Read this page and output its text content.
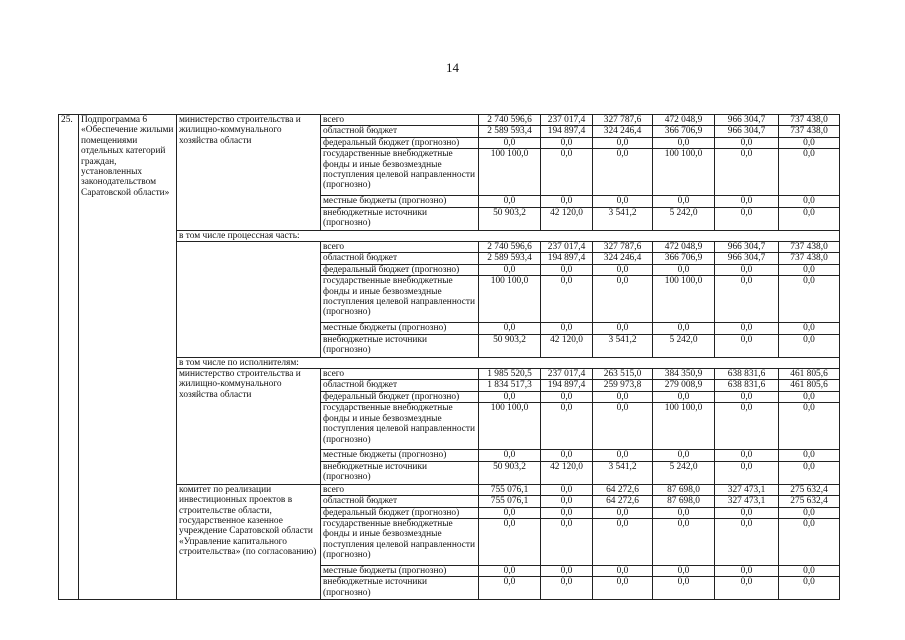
14
25.	Подпрограмма 6 «Обеспечение жилыми помещениями отдельных категорий граждан, установленных законодательством Саратовской области»	министерство строительства и жилищно-коммунального хозяйства области	всего	2 740 596,6	237 017,4	327 787,6	472 048,9	966 304,7	737 438,0
			областной бюджет	2 589 593,4	194 897,4	324 246,4	366 706,9	966 304,7	737 438,0
			федеральный бюджет (прогнозно)	0,0	0,0	0,0	0,0	0,0	0,0
			государственные внебюджетные фонды и иные безвозмездные поступления целевой направленности (прогнозно)	100 100,0	0,0	0,0	100 100,0	0,0	0,0
			местные бюджеты (прогнозно)	0,0	0,0	0,0	0,0	0,0	0,0
			внебюджетные источники (прогнозно)	50 903,2	42 120,0	3 541,2	5 242,0	0,0	0,0
		в том числе процессная часть:							
			всего	2 740 596,6	237 017,4	327 787,6	472 048,9	966 304,7	737 438,0
			областной бюджет	2 589 593,4	194 897,4	324 246,4	366 706,9	966 304,7	737 438,0
			федеральный бюджет (прогнозно)	0,0	0,0	0,0	0,0	0,0	0,0
			государственные внебюджетные фонды и иные безвозмездные поступления целевой направленности (прогнозно)	100 100,0	0,0	0,0	100 100,0	0,0	0,0
			местные бюджеты (прогнозно)	0,0	0,0	0,0	0,0	0,0	0,0
			внебюджетные источники (прогнозно)	50 903,2	42 120,0	3 541,2	5 242,0	0,0	0,0
		в том числе по исполнителям:							
		министерство строительства и жилищно-коммунального хозяйства области	всего	1 985 520,5	237 017,4	263 515,0	384 350,9	638 831,6	461 805,6
			областной бюджет	1 834 517,3	194 897,4	259 973,8	279 008,9	638 831,6	461 805,6
			федеральный бюджет (прогнозно)	0,0	0,0	0,0	0,0	0,0	0,0
			государственные внебюджетные фонды и иные безвозмездные поступления целевой направленности (прогнозно)	100 100,0	0,0	0,0	100 100,0	0,0	0,0
			местные бюджеты (прогнозно)	0,0	0,0	0,0	0,0	0,0	0,0
			внебюджетные источники (прогнозно)	50 903,2	42 120,0	3 541,2	5 242,0	0,0	0,0
		комитет по реализации инвестиционных проектов в строительстве области, государственное казенное учреждение Саратовской области «Управление капитального строительства» (по согласованию)	всего	755 076,1	0,0	64 272,6	87 698,0	327 473,1	275 632,4
			областной бюджет	755 076,1	0,0	64 272,6	87 698,0	327 473,1	275 632,4
			федеральный бюджет (прогнозно)	0,0	0,0	0,0	0,0	0,0	0,0
			государственные внебюджетные фонды и иные безвозмездные поступления целевой направленности (прогнозно)	0,0	0,0	0,0	0,0	0,0	0,0
			местные бюджеты (прогнозно)	0,0	0,0	0,0	0,0	0,0	0,0
			внебюджетные источники (прогнозно)	0,0	0,0	0,0	0,0	0,0	0,0
